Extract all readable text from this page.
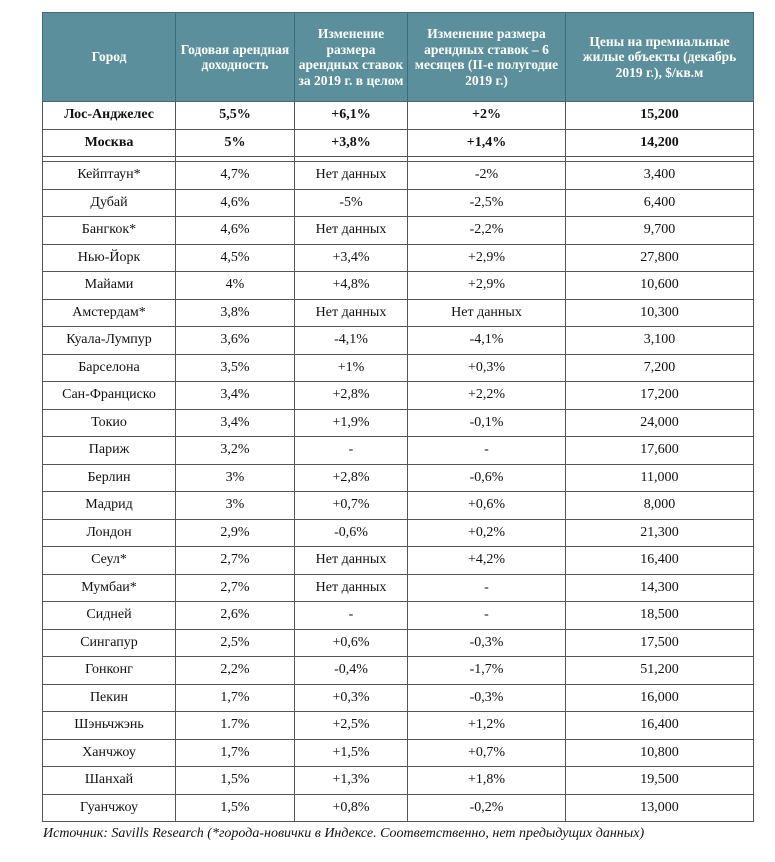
Город	Годовая арендная доходность	Изменение размера арендных ставок за 2019 г. в целом	Изменение размера арендных ставок – 6 месяцев (II-е полугодие 2019 г.)	Цены на премиальные жилые объекты (декабрь 2019 г.), $/кв.м
Лос-Анджелес	5,5%	+6,1%	+2%	15,200
Москва	5%	+3,8%	+1,4%	14,200

Кейптаун*	4,7%	Нет данных	-2%	3,400
Дубай	4,6%	-5%	-2,5%	6,400
Бангкок*	4,6%	Нет данных	-2,2%	9,700
Нью-Йорк	4,5%	+3,4%	+2,9%	27,800
Майами	4%	+4,8%	+2,9%	10,600
Амстердам*	3,8%	Нет данных	Нет данных	10,300
Куала-Лумпур	3,6%	-4,1%	-4,1%	3,100
Барселона	3,5%	+1%	+0,3%	7,200
Сан-Франциско	3,4%	+2,8%	+2,2%	17,200
Токио	3,4%	+1,9%	-0,1%	24,000
Париж	3,2%	-	-	17,600
Берлин	3%	+2,8%	-0,6%	11,000
Мадрид	3%	+0,7%	+0,6%	8,000
Лондон	2,9%	-0,6%	+0,2%	21,300
Сеул*	2,7%	Нет данных	+4,2%	16,400
Мумбаи*	2,7%	Нет данных	-	14,300
Сидней	2,6%	-	-	18,500
Сингапур	2,5%	+0,6%	-0,3%	17,500
Гонконг	2,2%	-0,4%	-1,7%	51,200
Пекин	1,7%	+0,3%	-0,3%	16,000
Шэньчжэнь	1.7%	+2,5%	+1,2%	16,400
Ханчжоу	1,7%	+1,5%	+0,7%	10,800
Шанхай	1,5%	+1,3%	+1,8%	19,500
Гуанчжоу	1,5%	+0,8%	-0,2%	13,000
Источник: Savills Research (*города-новички в Индексе. Соответственно, нет предыдущих данных)
